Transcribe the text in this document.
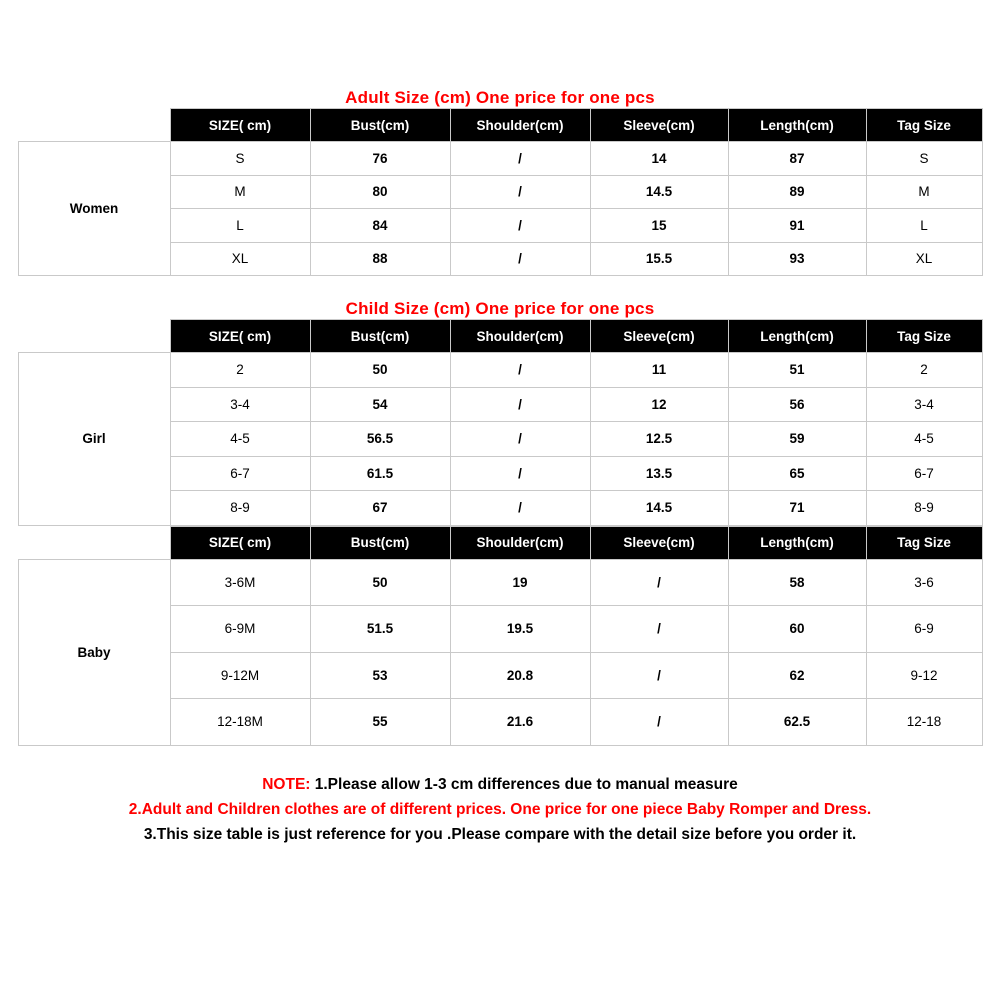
Adult Size (cm) One price for one pcs
	SIZE( cm)	Bust(cm)	Shoulder(cm)	Sleeve(cm)	Length(cm)	Tag Size
Women	S	76	/	14	87	S
	M	80	/	14.5	89	M
	L	84	/	15	91	L
	XL	88	/	15.5	93	XL
Child Size (cm) One price for one pcs
	SIZE( cm)	Bust(cm)	Shoulder(cm)	Sleeve(cm)	Length(cm)	Tag Size
Girl	2	50	/	11	51	2
	3-4	54	/	12	56	3-4
	4-5	56.5	/	12.5	59	4-5
	6-7	61.5	/	13.5	65	6-7
	8-9	67	/	14.5	71	8-9
	SIZE( cm)	Bust(cm)	Shoulder(cm)	Sleeve(cm)	Length(cm)	Tag Size
Baby	3-6M	50	19	/	58	3-6
	6-9M	51.5	19.5	/	60	6-9
	9-12M	53	20.8	/	62	9-12
	12-18M	55	21.6	/	62.5	12-18
NOTE: 1.Please allow 1-3 cm differences due to manual measure
2.Adult and Children clothes are of different prices. One price for one piece Baby Romper and Dress.
3.This size table is just reference for you .Please compare with the detail size before you order it.
